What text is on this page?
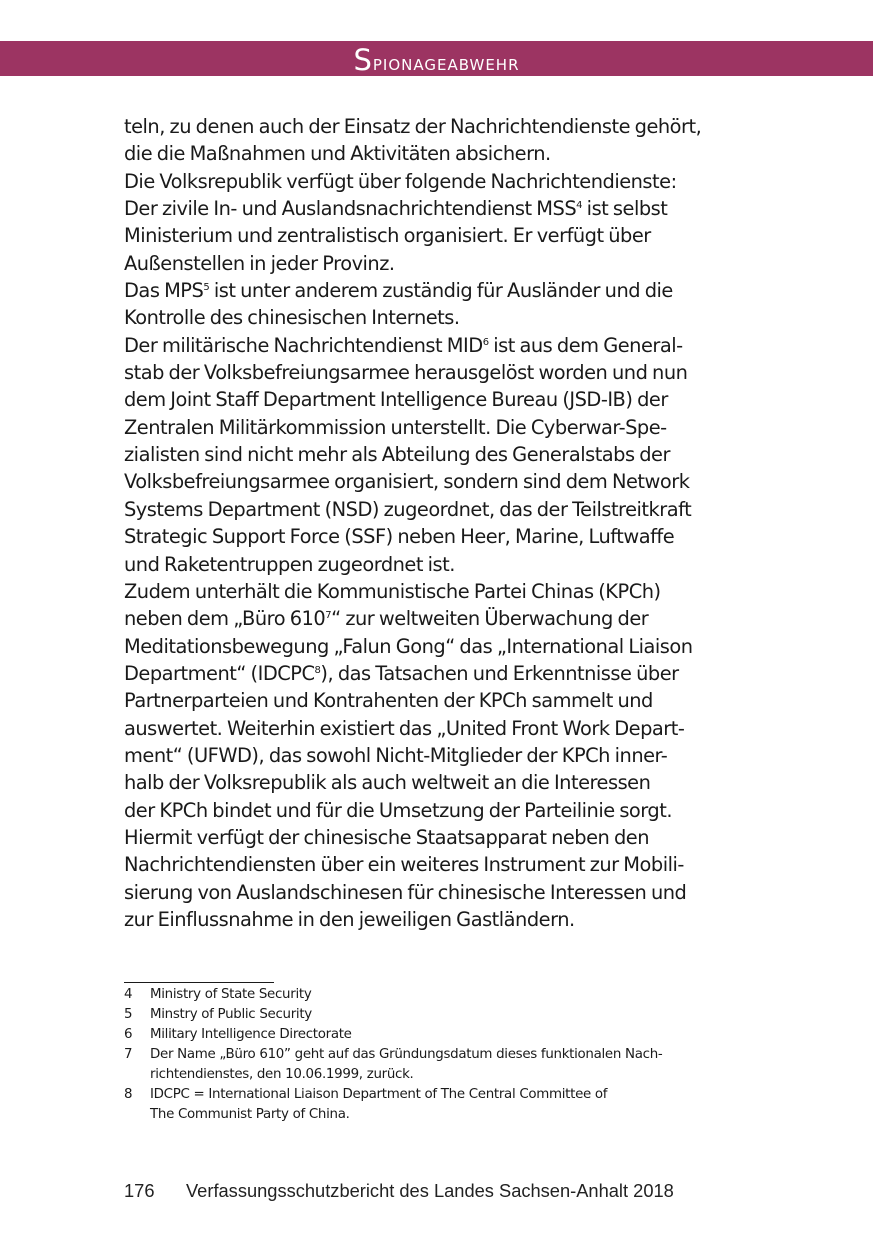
Spionageabwehr
teln, zu denen auch der Einsatz der Nachrichtendienste gehört,
die die Maßnahmen und Aktivitäten absichern.
Die Volksrepublik verfügt über folgende Nachrichtendienste:
Der zivile In- und Auslandsnachrichtendienst MSS$^4$ ist selbst
Ministerium und zentralistisch organisiert. Er verfügt über
Außenstellen in jeder Provinz.
Das MPS$^5$ ist unter anderem zuständig für Ausländer und die
Kontrolle des chinesischen Internets.
Der militärische Nachrichtendienst MID$^6$ ist aus dem General-
stab der Volksbefreiungsarmee herausgelöst worden und nun
dem Joint Staff Department Intelligence Bureau (JSD-IB) der
Zentralen Militärkommission unterstellt. Die Cyberwar-Spe-
zialisten sind nicht mehr als Abteilung des Generalstabs der
Volksbefreiungsarmee organisiert, sondern sind dem Network
Systems Department (NSD) zugeordnet, das der Teilstreitkraft
Strategic Support Force (SSF) neben Heer, Marine, Luftwaffe
und Raketentruppen zugeordnet ist.
Zudem unterhält die Kommunistische Partei Chinas (KPCh)
neben dem „Büro $610^7“$ zur weltweiten Überwachung der
Meditationsbewegung „Falun Gong“ das „International Liaison
Department“ (IDCPC$^8$), das Tatsachen und Erkenntnisse über
Partnerparteien und Kontrahenten der KPCh sammelt und
auswertet. Weiterhin existiert das „United Front Work Depart-
ment“ (UFWD), das sowohl Nicht-Mitglieder der KPCh inner-
halb der Volksrepublik als auch weltweit an die Interessen
der KPCh bindet und für die Umsetzung der Parteilinie sorgt.
Hiermit verfügt der chinesische Staatsapparat neben den
Nachrichtendiensten über ein weiteres Instrument zur Mobili-
sierung von Auslandschinesen für chinesische Interessen und
zur Einflussnahme in den jeweiligen Gastländern.
4	Ministry of State Security
5	Minstry of Public Security
6	Military Intelligence Directorate
7	Der Name „Büro 610” geht auf das Gründungsdatum dieses funktionalen Nach-
richtendienstes, den 10.06.1999, zurück.
8	IDCPC = International Liaison Department of The Central Committee of
The Communist Party of China.
176 Verfassungsschutzbericht des Landes Sachsen-Anhalt 2018
